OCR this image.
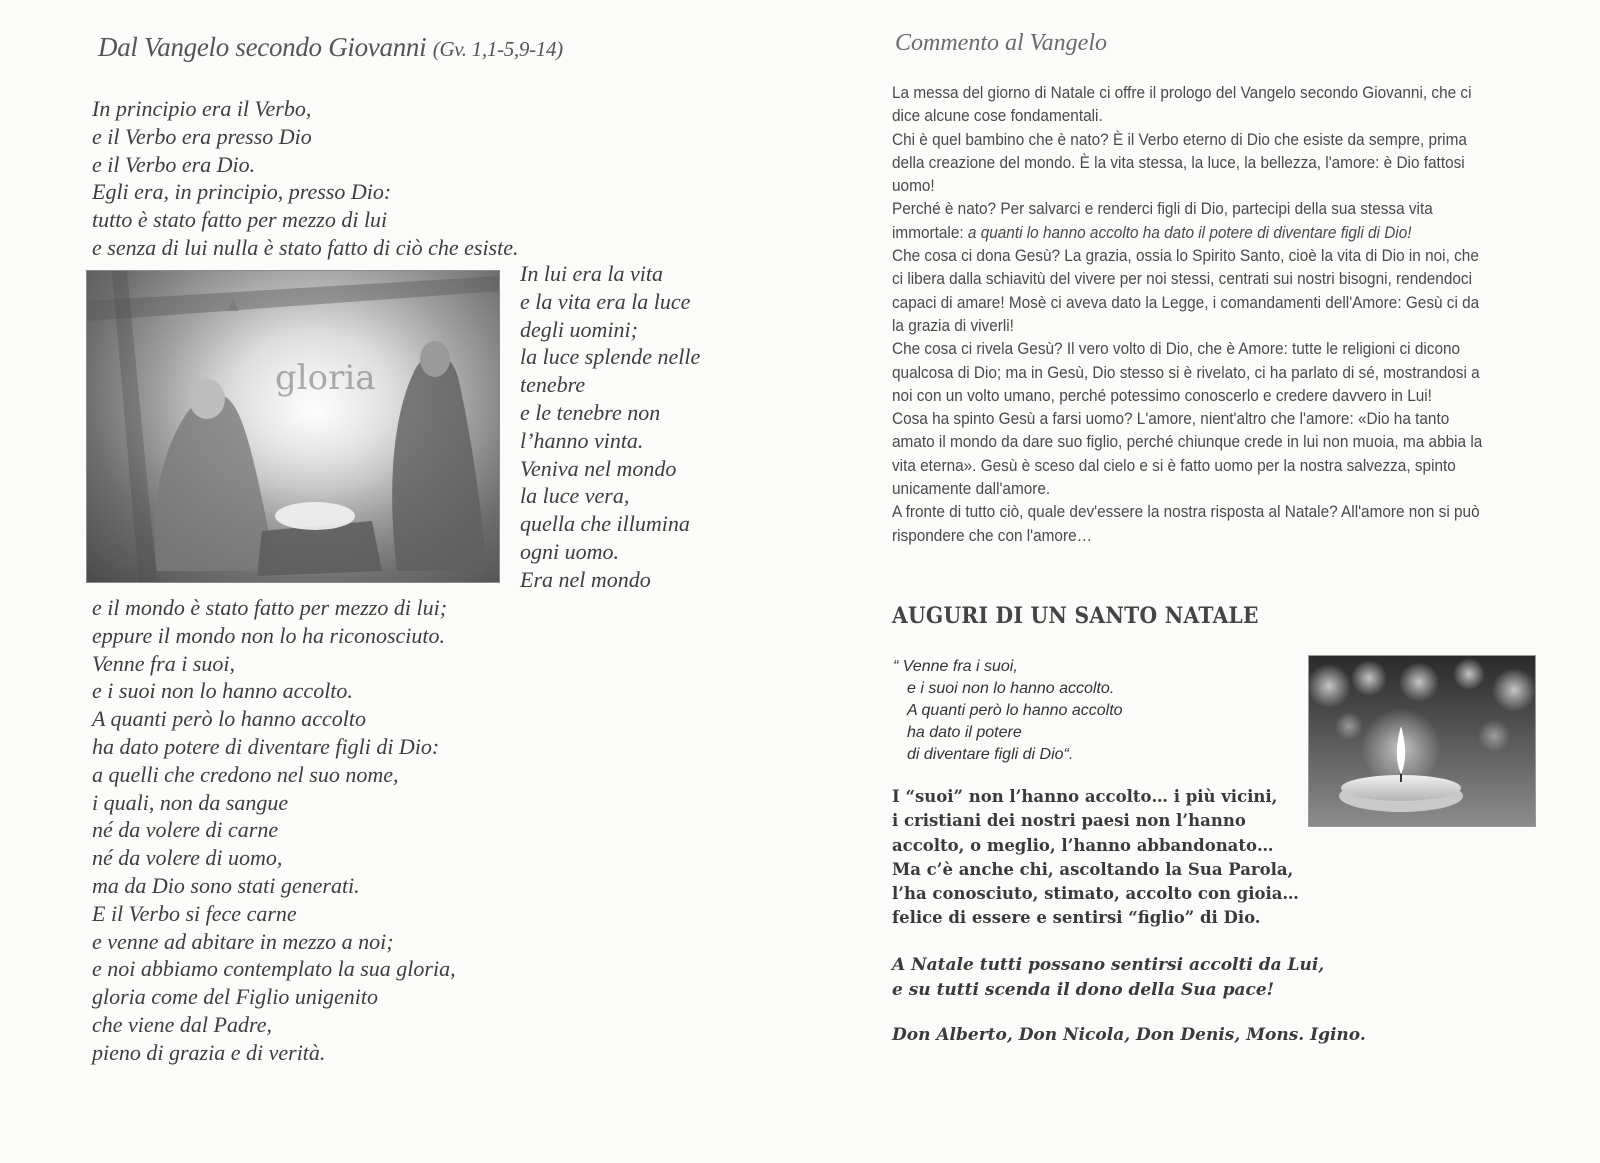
Dal Vangelo secondo Giovanni (Gv. 1,1-5,9-14)
In principio era il Verbo,
e il Verbo era presso Dio
e il Verbo era Dio.
Egli era, in principio, presso Dio:
tutto è stato fatto per mezzo di lui
e senza di lui nulla è stato fatto di ciò che esiste.
gloria
In lui era la vita
e la vita era la luce
degli uomini;
la luce splende nelle
tenebre
e le tenebre non
l’hanno vinta.
Veniva nel mondo
la luce vera,
quella che illumina
ogni uomo.
Era nel mondo
e il mondo è stato fatto per mezzo di lui;
eppure il mondo non lo ha riconosciuto.
Venne fra i suoi,
e i suoi non lo hanno accolto.
A quanti però lo hanno accolto
ha dato potere di diventare figli di Dio:
a quelli che credono nel suo nome,
i quali, non da sangue
né da volere di carne
né da volere di uomo,
ma da Dio sono stati generati.
E il Verbo si fece carne
e venne ad abitare in mezzo a noi;
e noi abbiamo contemplato la sua gloria,
gloria come del Figlio unigenito
che viene dal Padre,
pieno di grazia e di verità.
Commento al Vangelo

La messa del giorno di Natale ci offre il prologo del Vangelo secondo Giovanni, che ci dice alcune cose fondamentali.

Chi è quel bambino che è nato? È il Verbo eterno di Dio che esiste da sempre, prima della creazione del mondo. È la vita stessa, la luce, la bellezza, l'amore: è Dio fattosi uomo!

Perché è nato? Per salvarci e renderci figli di Dio, partecipi della sua stessa vita immortale: a quanti lo hanno accolto ha dato il potere di diventare figli di Dio!

Che cosa ci dona Gesù? La grazia, ossia lo Spirito Santo, cioè la vita di Dio in noi, che ci libera dalla schiavitù del vivere per noi stessi, centrati sui nostri bisogni, rendendoci capaci di amare! Mosè ci aveva dato la Legge, i comandamenti dell'Amore: Gesù ci da la grazia di viverli!

Che cosa ci rivela Gesù? Il vero volto di Dio, che è Amore: tutte le religioni ci dicono qualcosa di Dio; ma in Gesù, Dio stesso si è rivelato, ci ha parlato di sé, mostrandosi a noi con un volto umano, perché potessimo conoscerlo e credere davvero in Lui!

Cosa ha spinto Gesù a farsi uomo? L'amore, nient'altro che l'amore: «Dio ha tanto amato il mondo da dare suo figlio, perché chiunque crede in lui non muoia, ma abbia la vita eterna». Gesù è sceso dal cielo e si è fatto uomo per la nostra salvezza, spinto unicamente dall'amore.

A fronte di tutto ciò, quale dev'essere la nostra risposta al Natale? All'amore non si può rispondere che con l'amore…

AUGURI DI UN SANTO NATALE
“ Venne fra i suoi,
e i suoi non lo hanno accolto.
A quanti però lo hanno accolto
ha dato il potere
di diventare figli di Dio“.
I “suoi” non l’hanno accolto… i più vicini,
i cristiani dei nostri paesi non l’hanno
accolto, o meglio, l’hanno abbandonato…
Ma c’è anche chi, ascoltando la Sua Parola,
l’ha conosciuto, stimato, accolto con gioia…
felice di essere e sentirsi “figlio” di Dio.
A Natale tutti possano sentirsi accolti da Lui,
e su tutti scenda il dono della Sua pace!
Don Alberto, Don Nicola, Don Denis, Mons. Igino.
